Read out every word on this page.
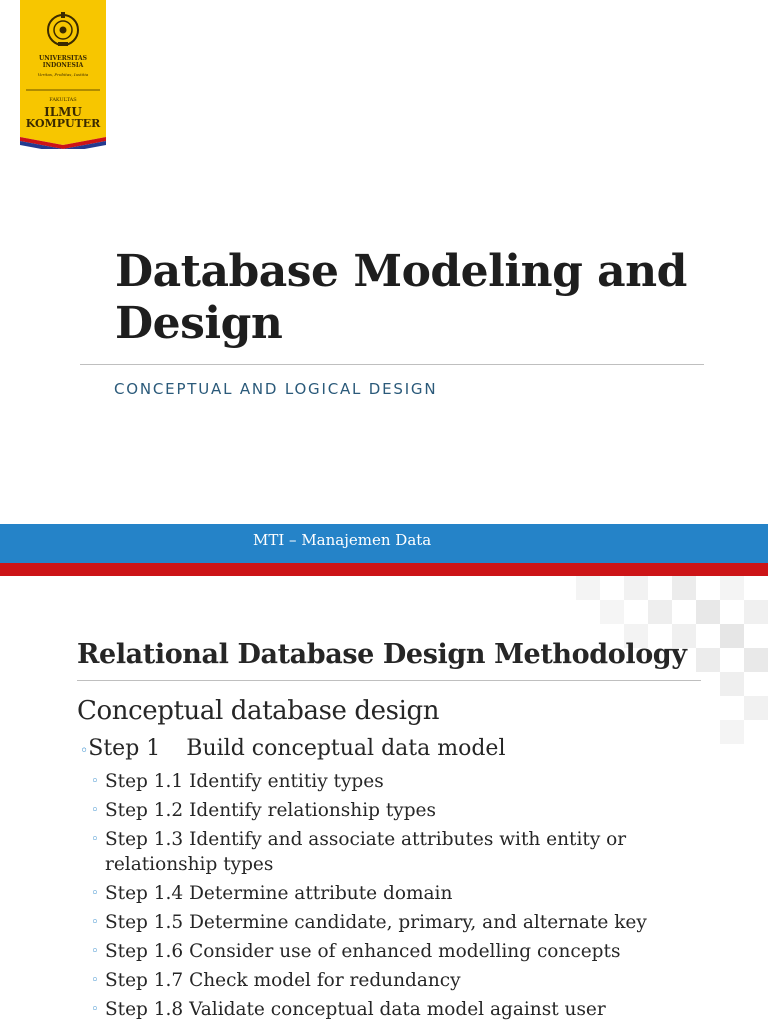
UNIVERSITAS
INDONESIA
Veritas, Probitas, Iustitia
FAKULTAS
ILMU
KOMPUTER
Database Modeling and
Design
CONCEPTUAL AND LOGICAL DESIGN
MTI – Manajemen Data
Relational Database Design Methodology
Conceptual database design
◦Step 1 Build conceptual data model
◦ Step 1.1 Identify entitiy types
◦ Step 1.2 Identify relationship types
◦ Step 1.3 Identify and associate attributes with entity or relationship types
◦ Step 1.4 Determine attribute domain
◦ Step 1.5 Determine candidate, primary, and alternate key
◦ Step 1.6 Consider use of enhanced modelling concepts
◦ Step 1.7 Check model for redundancy
◦ Step 1.8 Validate conceptual data model against user
